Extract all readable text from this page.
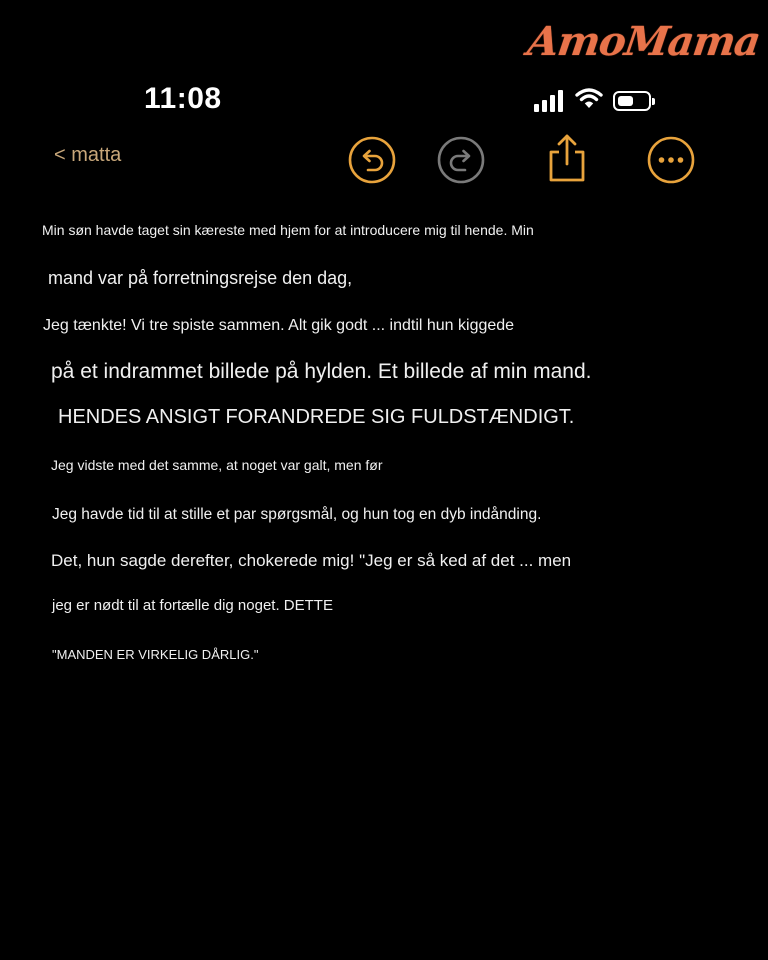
AmoMama
11:08
< matta
Min søn havde taget sin kæreste med hjem for at introducere mig til hende. Min
mand var på forretningsrejse den dag,
Jeg tænkte! Vi tre spiste sammen. Alt gik godt ... indtil hun kiggede
på et indrammet billede på hylden. Et billede af min mand.
HENDES ANSIGT FORANDREDE SIG FULDSTÆNDIGT.
Jeg vidste med det samme, at noget var galt, men før
Jeg havde tid til at stille et par spørgsmål, og hun tog en dyb indånding.
Det, hun sagde derefter, chokerede mig! "Jeg er så ked af det ... men
jeg er nødt til at fortælle dig noget. DETTE
"MANDEN ER VIRKELIG DÅRLIG."
